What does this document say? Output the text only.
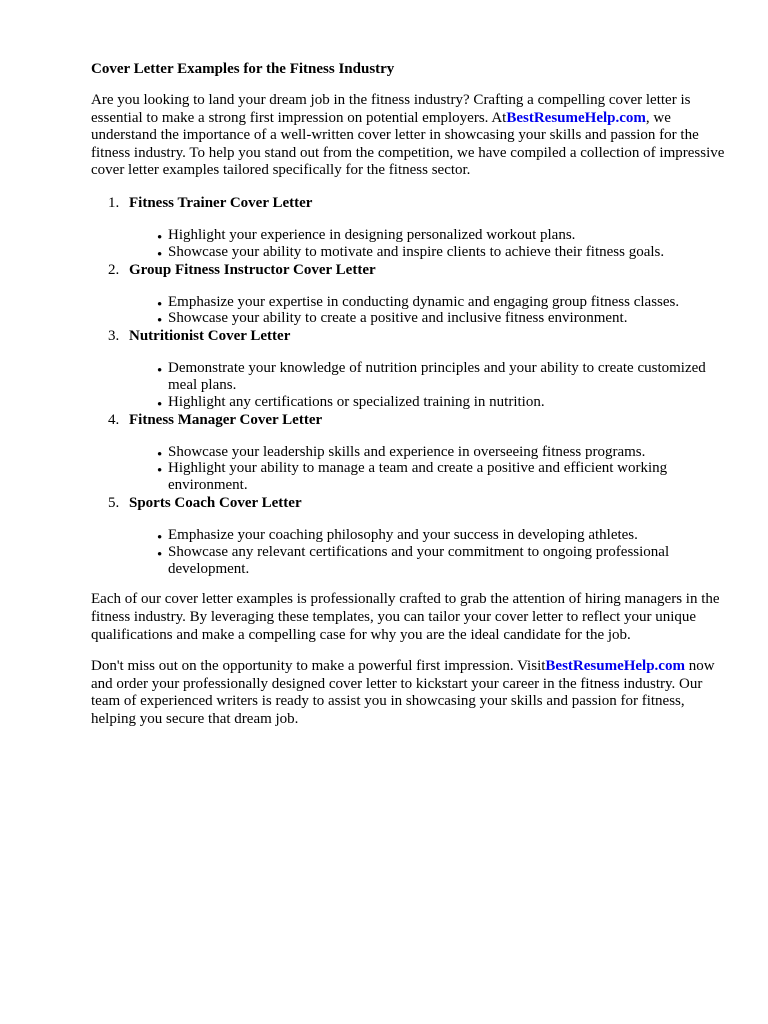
Cover Letter Examples for the Fitness Industry

Are you looking to land your dream job in the fitness industry? Crafting a compelling cover letter is essential to make a strong first impression on potential employers. AtBestResumeHelp.com, we understand the importance of a well-written cover letter in showcasing your skills and passion for the fitness industry. To help you stand out from the competition, we have compiled a collection of impressive cover letter examples tailored specifically for the fitness sector.

1. Fitness Trainer Cover Letter
• Highlight your experience in designing personalized workout plans.
• Showcase your ability to motivate and inspire clients to achieve their fitness goals.
2. Group Fitness Instructor Cover Letter
• Emphasize your expertise in conducting dynamic and engaging group fitness classes.
• Showcase your ability to create a positive and inclusive fitness environment.
3. Nutritionist Cover Letter
• Demonstrate your knowledge of nutrition principles and your ability to create customized meal plans.
• Highlight any certifications or specialized training in nutrition.
4. Fitness Manager Cover Letter
• Showcase your leadership skills and experience in overseeing fitness programs.
• Highlight your ability to manage a team and create a positive and efficient working environment.
5. Sports Coach Cover Letter
• Emphasize your coaching philosophy and your success in developing athletes.
• Showcase any relevant certifications and your commitment to ongoing professional development.

Each of our cover letter examples is professionally crafted to grab the attention of hiring managers in the fitness industry. By leveraging these templates, you can tailor your cover letter to reflect your unique qualifications and make a compelling case for why you are the ideal candidate for the job.

Don't miss out on the opportunity to make a powerful first impression. VisitBestResumeHelp.com now and order your professionally designed cover letter to kickstart your career in the fitness industry. Our team of experienced writers is ready to assist you in showcasing your skills and passion for fitness, helping you secure that dream job.
